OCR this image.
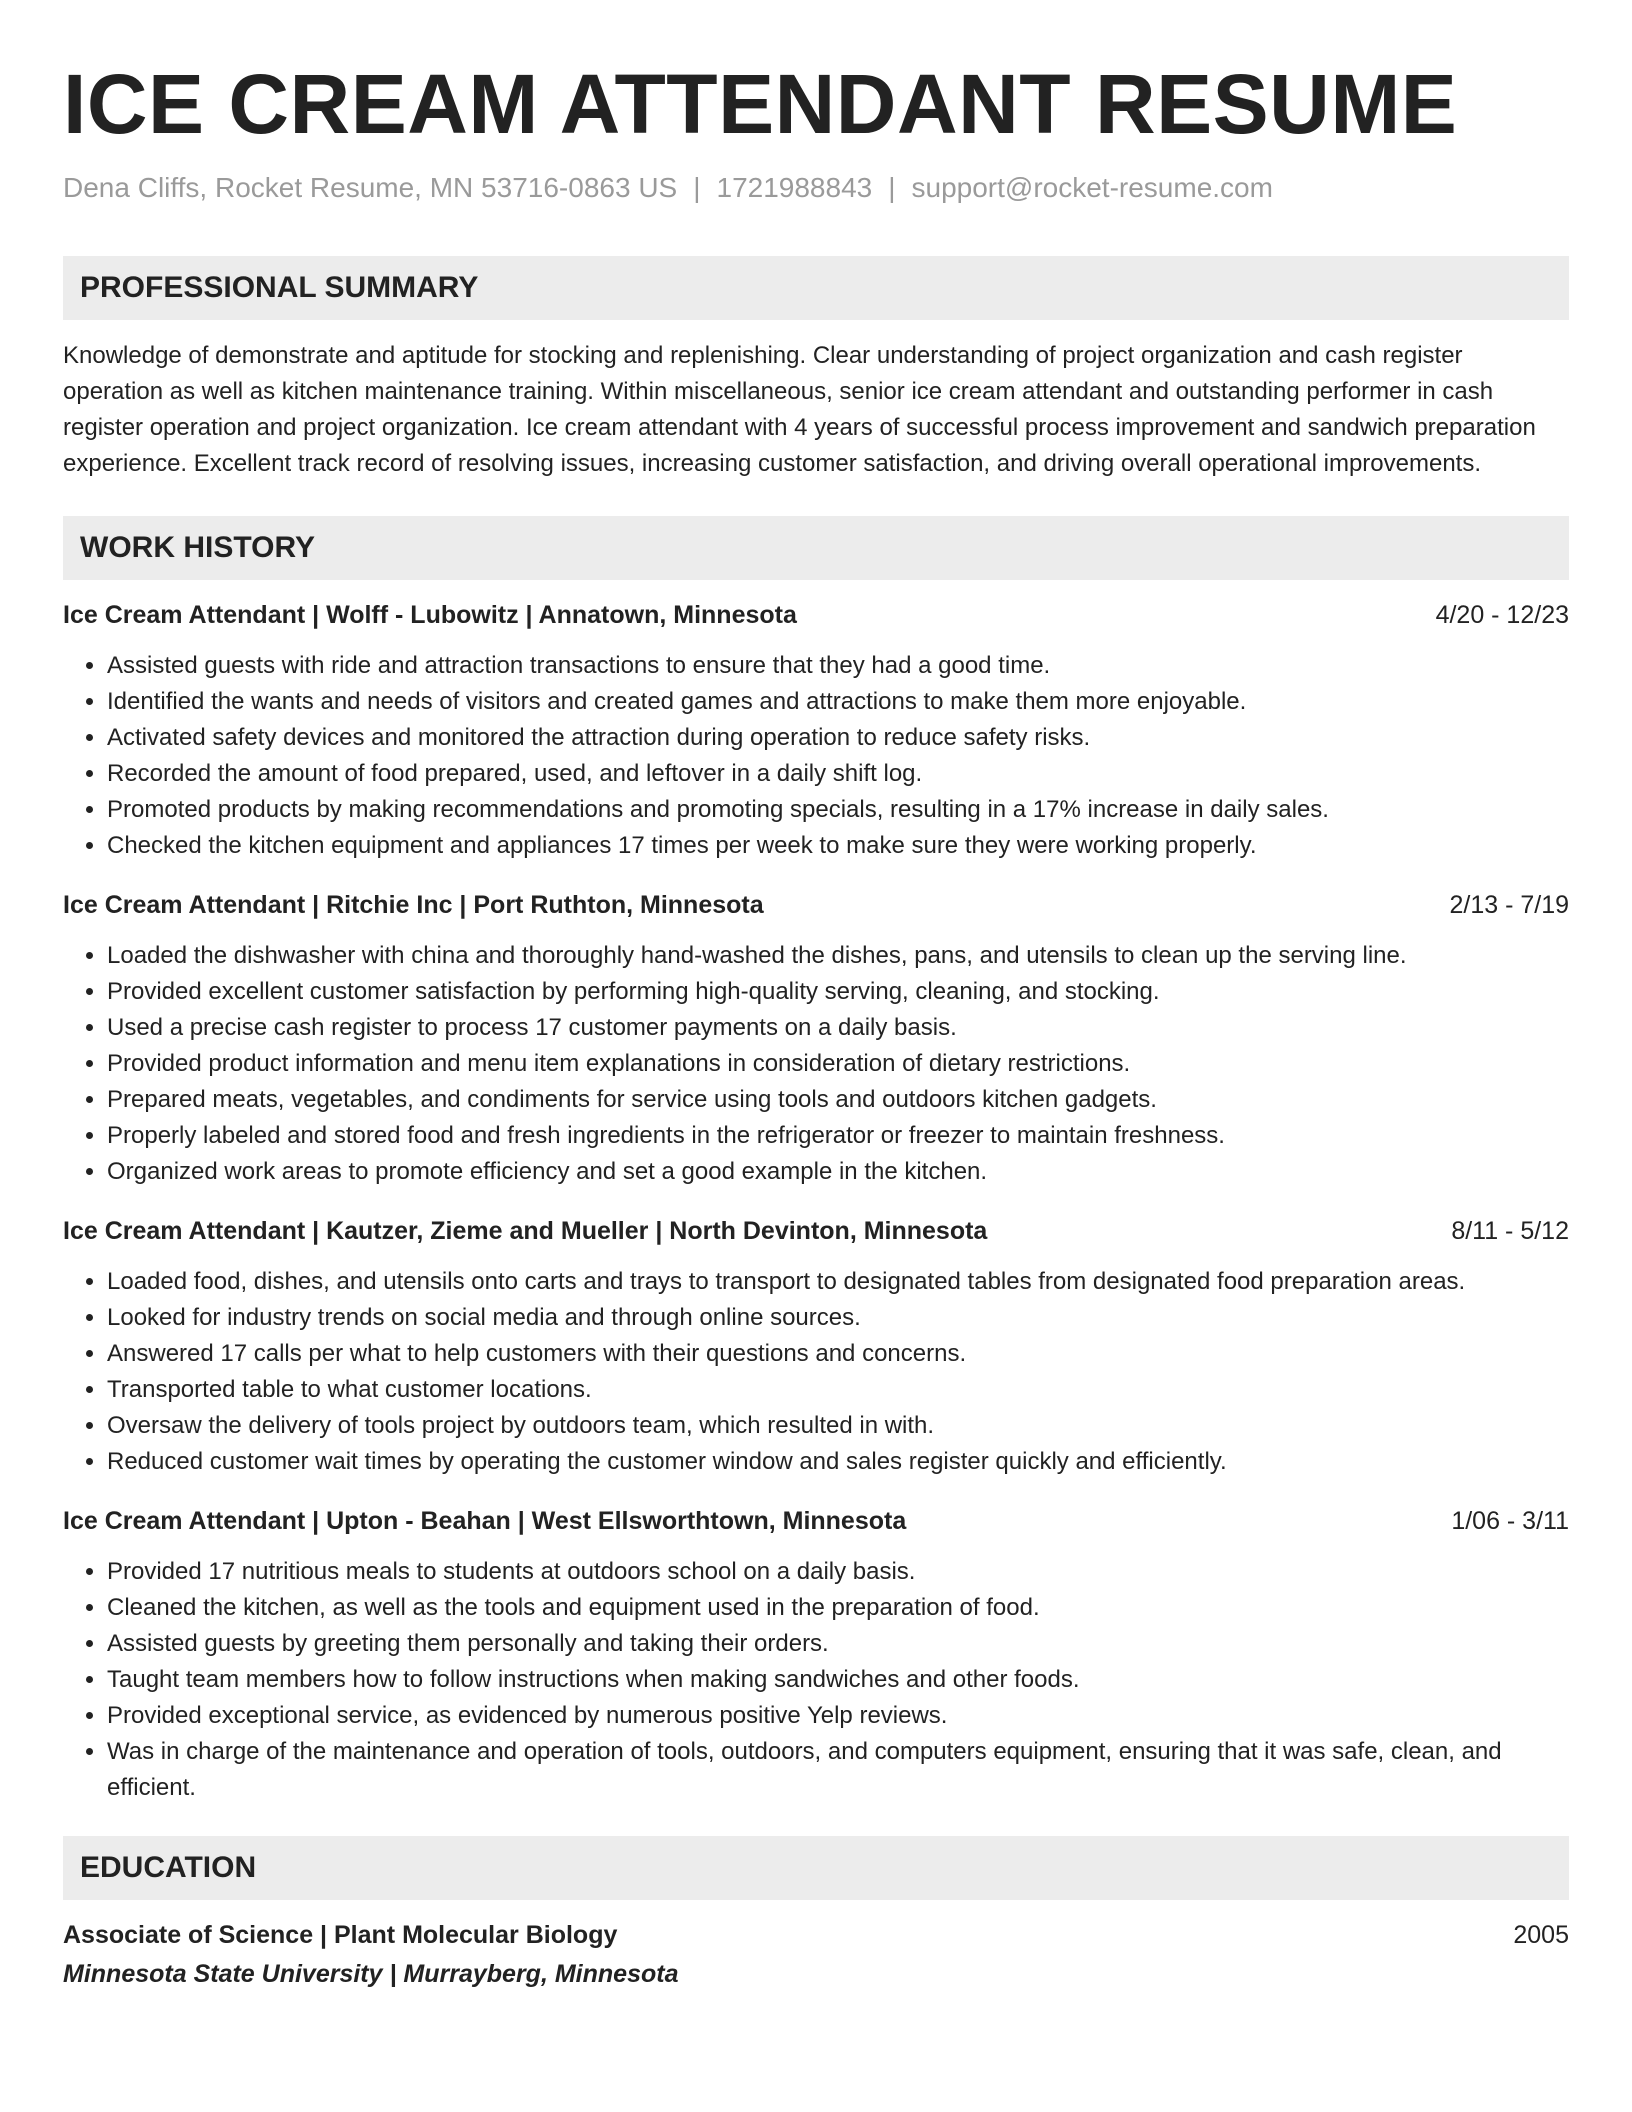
ICE CREAM ATTENDANT RESUME
Dena Cliffs, Rocket Resume, MN 53716-0863 US | 1721988843 | support@rocket-resume.com
PROFESSIONAL SUMMARY
Knowledge of demonstrate and aptitude for stocking and replenishing. Clear understanding of project organization and cash register operation as well as kitchen maintenance training. Within miscellaneous, senior ice cream attendant and outstanding performer in cash register operation and project organization. Ice cream attendant with 4 years of successful process improvement and sandwich preparation experience. Excellent track record of resolving issues, increasing customer satisfaction, and driving overall operational improvements.
WORK HISTORY
Ice Cream Attendant | Wolff - Lubowitz | Annatown, Minnesota	4/20 - 12/23
• Assisted guests with ride and attraction transactions to ensure that they had a good time.
• Identified the wants and needs of visitors and created games and attractions to make them more enjoyable.
• Activated safety devices and monitored the attraction during operation to reduce safety risks.
• Recorded the amount of food prepared, used, and leftover in a daily shift log.
• Promoted products by making recommendations and promoting specials, resulting in a 17% increase in daily sales.
• Checked the kitchen equipment and appliances 17 times per week to make sure they were working properly.
Ice Cream Attendant | Ritchie Inc | Port Ruthton, Minnesota	2/13 - 7/19
• Loaded the dishwasher with china and thoroughly hand-washed the dishes, pans, and utensils to clean up the serving line.
• Provided excellent customer satisfaction by performing high-quality serving, cleaning, and stocking.
• Used a precise cash register to process 17 customer payments on a daily basis.
• Provided product information and menu item explanations in consideration of dietary restrictions.
• Prepared meats, vegetables, and condiments for service using tools and outdoors kitchen gadgets.
• Properly labeled and stored food and fresh ingredients in the refrigerator or freezer to maintain freshness.
• Organized work areas to promote efficiency and set a good example in the kitchen.
Ice Cream Attendant | Kautzer, Zieme and Mueller | North Devinton, Minnesota	8/11 - 5/12
• Loaded food, dishes, and utensils onto carts and trays to transport to designated tables from designated food preparation areas.
• Looked for industry trends on social media and through online sources.
• Answered 17 calls per what to help customers with their questions and concerns.
• Transported table to what customer locations.
• Oversaw the delivery of tools project by outdoors team, which resulted in with.
• Reduced customer wait times by operating the customer window and sales register quickly and efficiently.
Ice Cream Attendant | Upton - Beahan | West Ellsworthtown, Minnesota	1/06 - 3/11
• Provided 17 nutritious meals to students at outdoors school on a daily basis.
• Cleaned the kitchen, as well as the tools and equipment used in the preparation of food.
• Assisted guests by greeting them personally and taking their orders.
• Taught team members how to follow instructions when making sandwiches and other foods.
• Provided exceptional service, as evidenced by numerous positive Yelp reviews.
• Was in charge of the maintenance and operation of tools, outdoors, and computers equipment, ensuring that it was safe, clean, and efficient.
EDUCATION
Associate of Science | Plant Molecular Biology	2005
Minnesota State University | Murrayberg, Minnesota
